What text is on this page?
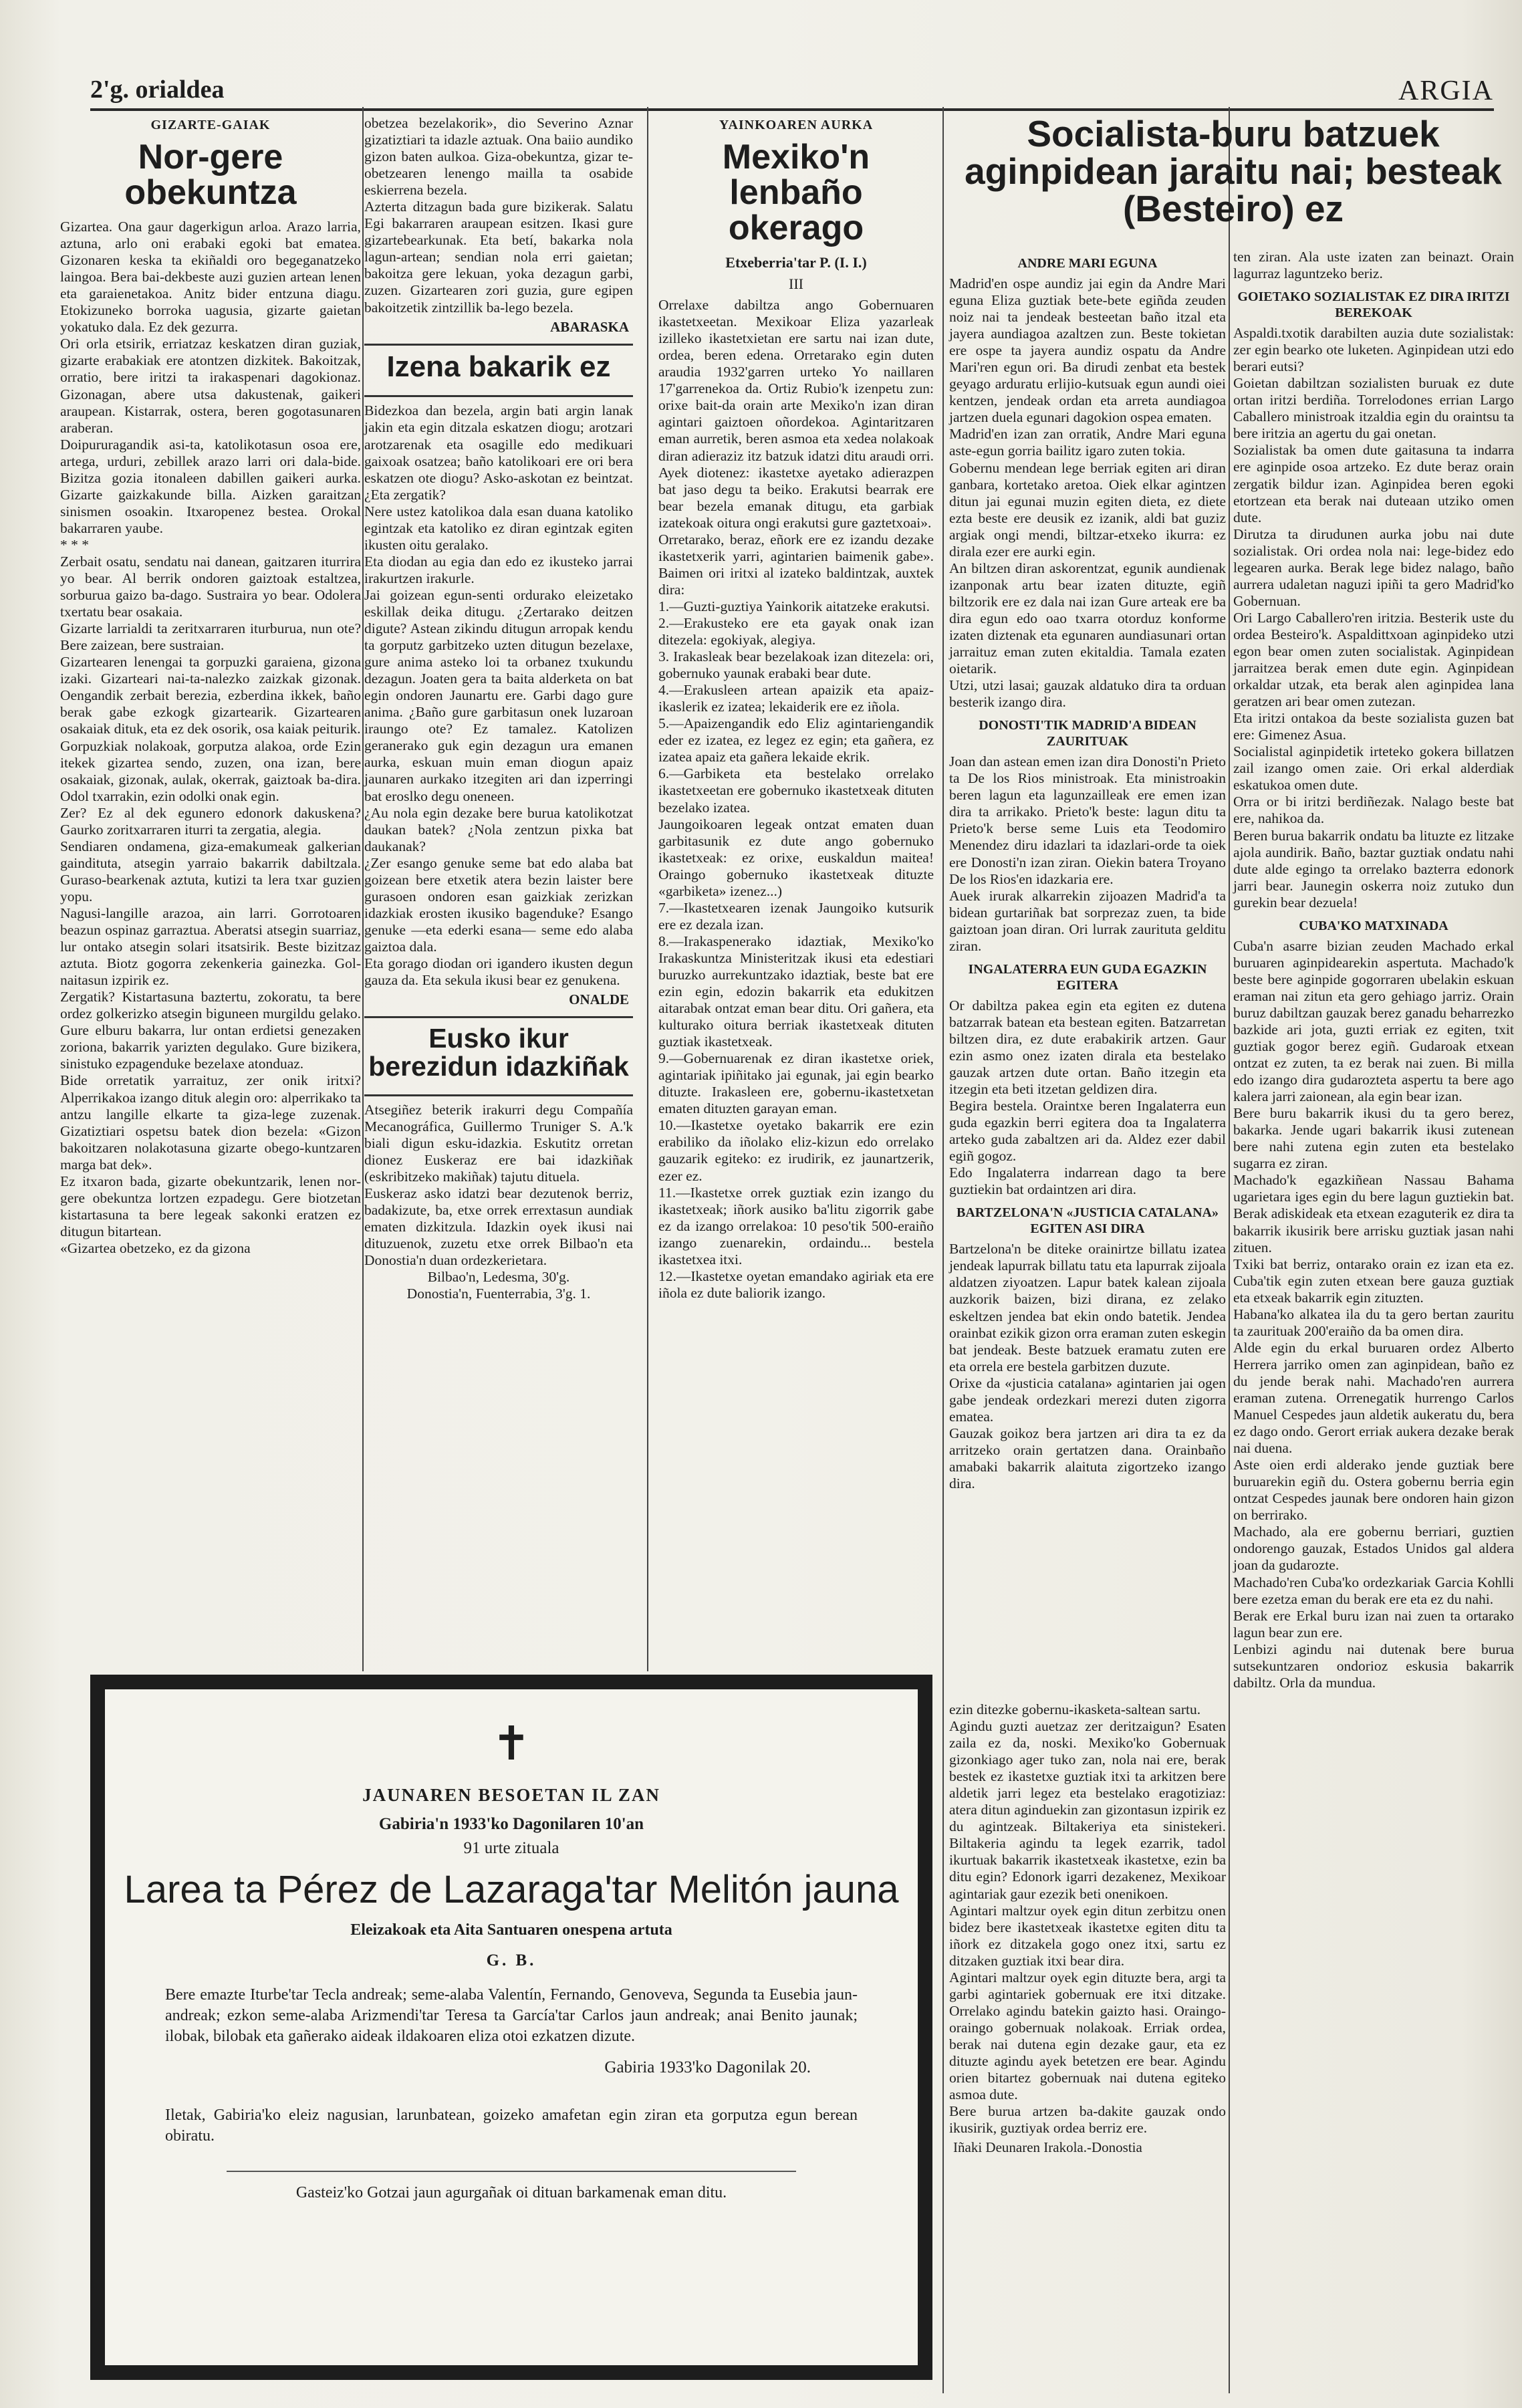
2'g. orialdea	ARGIA
GIZARTE-GAIAK
Nor-gere obekuntza

Gizartea. Ona gaur dagerkigun arloa. Arazo larria, aztuna, arlo oni erabaki egoki bat ematea. Gizonaren keska ta ekiñaldi oro begeganatzeko laingoa. Bera bai-dekbeste auzi guzien artean lenen eta garaienetakoa. Anitz bider entzuna diagu. Etokizuneko borroka uagusia, gizarte gaietan yokatuko dala. Ez dek gezurra.
Ori orla etsirik, erriatzaz keskatzen diran guziak, gizarte erabakiak ere atontzen dizkitek. Bakoitzak, orratio, bere iritzi ta irakaspenari dagokionaz. Gizonagan, abere utsa dakustenak, gaikeri araupean. Kistarrak, ostera, beren gogotasunaren araberan.
Doipururagandik asi-ta, katolikotasun osoa ere, artega, urduri, zebillek arazo larri ori dala-bide. Bizitza gozia itonaleen dabillen gaikeri aurka. Gizarte gaizkakunde billa. Aizken garaitzan sinismen osoakin. Itxaropenez bestea. Orokal bakarraren yaube.
* * *
Zerbait osatu, sendatu nai danean, gaitzaren iturrira yo bear. Al berrik ondoren gaiztoak estaltzea, sorburua gaizo ba-dago. Sustraira yo bear. Odolera txertatu bear osakaia.
Gizarte larrialdi ta zeritxarraren iturburua, nun ote? Bere zaizean, bere sustraian.
Gizartearen lenengai ta gorpuzki garaiena, gizona izaki. Gizarteari nai-ta-nalezko zaizkak gizonak. Oengandik zerbait berezia, ezberdina ikkek, baño berak gabe ezkogk gizartearik. Gizartearen osakaiak dituk, eta ez dek osorik, osa kaiak peiturik.
Gorpuzkiak nolakoak, gorputza alakoa, orde Ezin itekek gizartea sendo, zuzen, ona izan, bere osakaiak, gizonak, aulak, okerrak, gaiztoak ba-dira. Odol txarrakin, ezin odolki onak egin.
Zer? Ez al dek egunero edonork dakuskena? Gaurko zoritxarraren iturri ta zergatia, alegia.
Sendiaren ondamena, giza-emakumeak galkerian gaindituta, atsegin yarraio bakarrik dabiltzala. Guraso-bearkenak aztuta, kutizi ta lera txar guzien yopu.
Nagusi-langille arazoa, ain larri. Gorrotoaren beazun ospinaz garraztua. Aberatsi atsegin suarriaz, lur ontako atsegin solari itsatsirik. Beste bizitzaz aztuta. Biotz gogorra zekenkeria gainezka. Gol-naitasun izpirik ez.
Zergatik? Kistartasuna baztertu, zokoratu, ta bere ordez golkerizko atsegin biguneen murgildu gelako. Gure elburu bakarra, lur ontan erdietsi genezaken zoriona, bakarrik yarizten degulako. Gure bizikera, sinistuko ezpagenduke bezelaxe atonduaz.
Bide orretatik yarraituz, zer onik iritxi? Alperrikakoa izango dituk alegin oro: alperrikako ta antzu langille elkarte ta giza-lege zuzenak. Gizatiztiari ospetsu batek dion bezela: «Gizon bakoitzaren nolakotasuna gizarte obego-kuntzaren marga bat dek».
Ez itxaron bada, gizarte obekuntzarik, lenen nor-gere obekuntza lortzen ezpadegu. Gere biotzetan kistartasuna ta bere legeak sakonki eratzen ez ditugun bitartean.
«Gizartea obetzeko, ez da gizona

obetzea bezelakorik», dio Severino Aznar gizatiztiari ta idazle aztuak. Ona baiio aundiko gizon baten aulkoa. Giza-obekuntza, gizar te-obetzearen lenengo mailla ta osabide eskierrena bezela.
Azterta ditzagun bada gure bizikerak. Salatu Egi bakarraren araupean esitzen. Ikasi gure gizartebearkunak. Eta betí, bakarka nola lagun-artean; sendian nola erri gaietan; bakoitza gere lekuan, yoka dezagun garbi, zuzen. Gizartearen zori guzia, gure egipen bakoitzetik zintzillik ba-lego bezela.

ABARASKA
Izena bakarik ez

Bidezkoa dan bezela, argin bati argin lanak jakin eta egin ditzala eskatzen diogu; arotzari arotzarenak eta osagille edo medikuari gaixoak osatzea; baño katolikoari ere ori bera eskatzen ote diogu? Asko-askotan ez beintzat. ¿Eta zergatik?
Nere ustez katolikoa dala esan duana katoliko egintzak eta katoliko ez diran egintzak egiten ikusten oitu geralako.
Eta diodan au egia dan edo ez ikusteko jarrai irakurtzen irakurle.
Jai goizean egun-senti ordurako eleizetako eskillak deika ditugu. ¿Zertarako deitzen digute? Astean zikindu ditugun arropak kendu ta gorputz garbitzeko uzten ditugun bezelaxe, gure anima asteko loi ta orbanez txukundu dezagun. Joaten gera ta baita alderketa on bat egin ondoren Jaunartu ere. Garbi dago gure anima. ¿Baño gure garbitasun onek luzaroan iraungo ote? Ez tamalez. Katolizen geranerako guk egin dezagun ura emanen aurka, eskuan muin eman diogun apaiz jaunaren aurkako itzegiten ari dan izperringi bat eroslko degu oneneen.
¿Au nola egin dezake bere burua katolikotzat daukan batek? ¿Nola zentzun pixka bat daukanak?
¿Zer esango genuke seme bat edo alaba bat goizean bere etxetik atera bezin laister bere gurasoen ondoren esan gaizkiak zerizkan idazkiak erosten ikusiko bagenduke? Esango genuke —eta ederki esana— seme edo alaba gaiztoa dala.
Eta gorago diodan ori igandero ikusten degun gauza da. Eta sekula ikusi bear ez genukena.

ONALDE
Eusko ikur berezidun idazkiñak

Atsegiñez beterik irakurri degu Compañía Mecanográfica, Guillermo Truniger S. A.'k biali digun esku-idazkia. Eskutitz orretan dionez Euskeraz ere bai idazkiñak (eskribitzeko makiñak) tajutu dituela.
Euskeraz asko idatzi bear dezutenok berriz, badakizute, ba, etxe orrek errextasun aundiak ematen dizkitzula. Idazkin oyek ikusi nai dituzuenok, zuzetu etxe orrek Bilbao'n eta Donostia'n duan ordezkerietara.

Bilbao'n, Ledesma, 30'g.

Donostia'n, Fuenterrabia, 3'g. 1.

YAINKOAREN AURKA
Mexiko'n lenbaño okerago
Etxeberria'tar P. (I. I.)
III

Orrelaxe dabiltza ango Gobernuaren ikastetxeetan. Mexikoar Eliza yazarleak izilleko ikastetxietan ere sartu nai izan dute, ordea, beren edena. Orretarako egin duten araudia 1932'garren urteko Yo naillaren 17'garrenekoa da. Ortiz Rubio'k izenpetu zun: orixe bait-da orain arte Mexiko'n izan diran agintari gaiztoen oñordekoa. Agintaritzaren eman aurretik, beren asmoa eta xedea nolakoak diran adieraziz itz batzuk idatzi ditu araudi orri. Ayek diotenez: ikastetxe ayetako adierazpen bat jaso degu ta beiko. Erakutsi bearrak ere bear bezela emanak ditugu, eta garbiak izatekoak oitura ongi erakutsi gure gaztetxoai».
Orretarako, beraz, eñork ere ez izandu dezake ikastetxerik yarri, agintarien baimenik gabe». Baimen ori iritxi al izateko baldintzak, auxtek dira:
1.—Guzti-guztiya Yainkorik aitatzeke erakutsi.
2.—Erakusteko ere eta gayak onak izan ditezela: egokiyak, alegiya.
3. Irakasleak bear bezelakoak izan ditezela: ori, gobernuko yaunak erabaki bear dute.
4.—Erakusleen artean apaizik eta apaiz-ikaslerik ez izatea; lekaiderik ere ez iñola.
5.—Apaizengandik edo Eliz agintariengandik eder ez izatea, ez legez ez egin; eta gañera, ez izatea apaiz eta gañera lekaide ekrik.
6.—Garbiketa eta bestelako orrelako ikastetxeetan ere gobernuko ikastetxeak dituten bezelako izatea.
Jaungoikoaren legeak ontzat ematen duan garbitasunik ez dute ango gobernuko ikastetxeak: ez orixe, euskaldun maitea! Oraingo gobernuko ikastetxeak dituzte «garbiketa» izenez...)
7.—Ikastetxearen izenak Jaungoiko kutsurik ere ez dezala izan.
8.—Irakaspenerako idaztiak, Mexiko'ko Irakaskuntza Ministeritzak ikusi eta edestiari buruzko aurrekuntzako idaztiak, beste bat ere ezin egin, edozin bakarrik eta edukitzen aitarabak ontzat eman bear ditu. Ori gañera, eta kulturako oitura berriak ikastetxeak dituten guztiak ikastetxeak.
9.—Gobernuarenak ez diran ikastetxe oriek, agintariak ipiñitako jai egunak, jai egin bearko dituzte. Irakasleen ere, gobernu-ikastetxetan ematen dituzten garayan eman.
10.—Ikastetxe oyetako bakarrik ere ezin erabiliko da iñolako eliz-kizun edo orrelako gauzarik egiteko: ez irudirik, ez jaunartzerik, ezer ez.
11.—Ikastetxe orrek guztiak ezin izango du ikastetxeak; iñork ausiko ba'litu zigorrik gabe ez da izango orrelakoa: 10 peso'tik 500-eraiño izango zuenarekin, ordaindu... bestela ikastetxea itxi.
12.—Ikastetxe oyetan emandako agiriak eta ere iñola ez dute baliorik izango.

Socialista-buru batzuek aginpidean jaraitu nai; besteak (Besteiro) ez
ANDRE MARI EGUNA

Madrid'en ospe aundiz jai egin da Andre Mari eguna Eliza guztiak bete-bete egiñda zeuden noiz nai ta jendeak besteetan baño itzal eta jayera aundiagoa azaltzen zun. Beste tokietan ere ospe ta jayera aundiz ospatu da Andre Mari'ren egun ori. Ba dirudi zenbat eta bestek geyago arduratu erlijio-kutsuak egun aundi oiei kentzen, jendeak ordan eta arreta aundiagoa jartzen duela egunari dagokion ospea ematen.
Madrid'en izan zan orratik, Andre Mari eguna aste-egun gorria bailitz igaro zuten tokia.
Gobernu mendean lege berriak egiten ari diran ganbara, kortetako aretoa. Oiek elkar agintzen ditun jai egunai muzin egiten dieta, ez diete ezta beste ere deusik ez izanik, aldi bat guziz argiak ongi mendi, biltzar-etxeko ikurra: ez dirala ezer ere aurki egin.
An biltzen diran askorentzat, egunik aundienak izanponak artu bear izaten dituzte, egiñ biltzorik ere ez dala nai izan Gure arteak ere ba dira egun edo oao txarra otorduz konforme izaten diztenak eta egunaren aundiasunari ortan jarraituz eman zuten ekitaldia. Tamala ezaten oietarik.
Utzi, utzi lasai; gauzak aldatuko dira ta orduan besterik izango dira.

DONOSTI'TIK MADRID'A BIDEAN ZAURITUAK

Joan dan astean emen izan dira Donosti'n Prieto ta De los Rios ministroak. Eta ministroakin beren lagun eta lagunzailleak ere emen izan dira ta arrikako. Prieto'k beste: lagun ditu ta Prieto'k berse seme Luis eta Teodomiro Menendez diru idazlari ta idazlari-orde ta oiek ere Donosti'n izan ziran. Oiekin batera Troyano De los Rios'en idazkaria ere.
Auek irurak alkarrekin zijoazen Madrid'a ta bidean gurtariñak bat sorprezaz zuen, ta bide gaiztoan joan diran. Ori lurrak zaurituta gelditu ziran.

INGALATERRA EUN GUDA EGAZKIN EGITERA

Or dabiltza pakea egin eta egiten ez dutena batzarrak batean eta bestean egiten. Batzarretan biltzen dira, ez dute erabakirik artzen. Gaur ezin asmo onez izaten dirala eta bestelako gauzak artzen dute ortan. Baño itzegin eta itzegin eta beti itzetan geldizen dira.
Begira bestela. Oraintxe beren Ingalaterra eun guda egazkin berri egitera doa ta Ingalaterra arteko guda zabaltzen ari da. Aldez ezer dabil egiñ gogoz.
Edo Ingalaterra indarrean dago ta bere guztiekin bat ordaintzen ari dira.

BARTZELONA'N «JUSTICIA CATALANA» EGITEN ASI DIRA

Bartzelona'n be diteke orainirtze billatu izatea jendeak lapurrak billatu tatu eta lapurrak zijoala aldatzen ziyoatzen. Lapur batek kalean zijoala auzkorik baizen, bizi dirana, ez zelako eskeltzen jendea bat ekin ondo batetik. Jendea orainbat ezikik gizon orra eraman zuten eskegin bat jendeak. Beste batzuek eramatu zuten ere eta orrela ere bestela garbitzen duzute.
Orixe da «justicia catalana» agintarien jai ogen gabe jendeak ordezkari merezi duten zigorra ematea.
Gauzak goikoz bera jartzen ari dira ta ez da arritzeko orain gertatzen dana. Orainbaño amabaki bakarrik alaituta zigortzeko izango dira.

ezin ditezke gobernu-ikasketa-saltean sartu.
Agindu guzti auetzaz zer deritzaigun? Esaten zaila ez da, noski. Mexiko'ko Gobernuak gizonkiago ager tuko zan, nola nai ere, berak bestek ez ikastetxe guztiak itxi ta arkitzen bere aldetik jarri legez eta bestelako eragotiziaz: atera ditun aginduekin zan gizontasun izpirik ez du agintzeak. Biltakeriya eta sinistekeri. Biltakeria agindu ta legek ezarrik, tadol ikurtuak bakarrik ikastetxeak ikastetxe, ezin ba ditu egin? Edonork igarri dezakenez, Mexikoar agintariak gaur ezezik beti onenikoen.
Agintari maltzur oyek egin ditun zerbitzu onen bidez bere ikastetxeak ikastetxe egiten ditu ta iñork ez ditzakela gogo onez itxi, sartu ez ditzaken guztiak itxi bear dira.
Agintari maltzur oyek egin dituzte bera, argi ta garbi agintariek gobernuak ere itxi ditzake. Orrelako agindu batekin gaizto hasi. Oraingo-oraingo gobernuak nolakoak. Erriak ordea, berak nai dutena egin dezake gaur, eta ez dituzte agindu ayek betetzen ere bear. Agindu orien bitartez gobernuak nai dutena egiteko asmoa dute.
Bere burua artzen ba-dakite gauzak ondo ikusirik, guztiyak ordea berriz ere.

Iñaki Deunaren Irakola.-Donostia

ten ziran. Ala uste izaten zan beinazt. Orain lagurraz laguntzeko beriz.

GOIETAKO SOZIALISTAK EZ DIRA IRITZI BEREKOAK

Aspaldi.txotik darabilten auzia dute sozialistak: zer egin bearko ote luketen. Aginpidean utzi edo berari eutsi?
Goietan dabiltzan sozialisten buruak ez dute ortan iritzi berdiña. Torrelodones errian Largo Caballero ministroak itzaldia egin du oraintsu ta bere iritzia an agertu du gai onetan.
Sozialistak ba omen dute gaitasuna ta indarra ere aginpide osoa artzeko. Ez dute beraz orain zergatik bildur izan. Aginpidea beren egoki etortzean eta berak nai duteaan utziko omen dute.
Dirutza ta dirudunen aurka jobu nai dute sozialistak. Ori ordea nola nai: lege-bidez edo legearen aurka. Berak lege bidez nalago, baño aurrera udaletan naguzi ipiñi ta gero Madrid'ko Gobernuan.
Ori Largo Caballero'ren iritzia. Besterik uste du ordea Besteiro'k. Aspaldittxoan aginpideko utzi egon bear omen zuten socialistak. Aginpidean jarraitzea berak emen dute egin. Aginpidean orkaldar utzak, eta berak alen aginpidea lana geratzen ari bear omen zutezan.
Eta iritzi ontakoa da beste sozialista guzen bat ere: Gimenez Asua.
Socialistal aginpidetik irteteko gokera billatzen zail izango omen zaie. Ori erkal alderdiak eskatukoa omen dute.
Orra or bi iritzi berdiñezak. Nalago beste bat ere, nahikoa da.
Beren burua bakarrik ondatu ba lituzte ez litzake ajola aundirik. Baño, baztar guztiak ondatu nahi dute alde egingo ta orrelako bazterra edonork jarri bear. Jaunegin oskerra noiz zutuko dun gurekin bear dezuela!

CUBA'KO MATXINADA

Cuba'n asarre bizian zeuden Machado erkal buruaren aginpidearekin aspertuta. Machado'k beste bere aginpide gogorraren ubelakin eskuan eraman nai zitun eta gero gehiago jarriz. Orain buruz dabiltzan gauzak berez ganadu beharrezko bazkide ari jota, guzti erriak ez egiten, txit guztiak gogor berez egiñ. Gudaroak etxean ontzat ez zuten, ta ez berak nai zuen. Bi milla edo izango dira gudarozteta aspertu ta bere ago kalera jarri zaionean, ala egin bear izan.
Bere buru bakarrik ikusi du ta gero berez, bakarka. Jende ugari bakarrik ikusi zutenean bere nahi zutena egin zuten eta bestelako sugarra ez ziran.
Machado'k egazkiñean Nassau Bahama ugarietara iges egin du bere lagun guztiekin bat. Berak adiskideak eta etxean ezaguterik ez dira ta bakarrik ikusirik bere arrisku guztiak jasan nahi zituen.
Txiki bat berriz, ontarako orain ez izan eta ez. Cuba'tik egin zuten etxean bere gauza guztiak eta etxeak bakarrik egin zituzten.
Habana'ko alkatea ila du ta gero bertan zauritu ta zaurituak 200'eraiño da ba omen dira.
Alde egin du erkal buruaren ordez Alberto Herrera jarriko omen zan aginpidean, baño ez du jende berak nahi. Machado'ren aurrera eraman zutena. Orrenegatik hurrengo Carlos Manuel Cespedes jaun aldetik aukeratu du, bera ez dago ondo. Gerort erriak aukera dezake berak nai duena.
Aste oien erdi alderako jende guztiak bere buruarekin egiñ du. Ostera gobernu berria egin ontzat Cespedes jaunak bere ondoren hain gizon on berrirako.
Machado, ala ere gobernu berriari, guztien ondorengo gauzak, Estados Unidos gal aldera joan da gudarozte.
Machado'ren Cuba'ko ordezkariak Garcia Kohlli bere ezetza eman du berak ere eta ez du nahi.
Berak ere Erkal buru izan nai zuen ta ortarako lagun bear zun ere.
Lenbizi agindu nai dutenak bere burua sutsekuntzaren ondorioz eskusia bakarrik dabiltz. Orla da mundua.

✝
JAUNAREN BESOETAN IL ZAN
Gabiria'n 1933'ko Dagonilaren 10'an
91 urte zituala
Larea ta Pérez de Lazaraga'tar Melitón jauna
Eleizakoak eta Aita Santuaren onespena artuta
G. B.
Bere emazte Iturbe'tar Tecla andreak; seme-alaba Valentín, Fernando, Genoveva, Segunda ta Eusebia jaun-andreak; ezkon seme-alaba Arizmendi'tar Teresa ta García'tar Carlos jaun andreak; anai Benito jaunak; ilobak, bilobak eta gañerako aideak ildakoaren eliza otoi ezkatzen dizute.
Gabiria 1933'ko Dagonilak 20.
Iletak, Gabiria'ko eleiz nagusian, larunbatean, goizeko amafetan egin ziran eta gorputza egun berean obiratu.
Gasteiz'ko Gotzai jaun agurgañak oi dituan barkamenak eman ditu.
